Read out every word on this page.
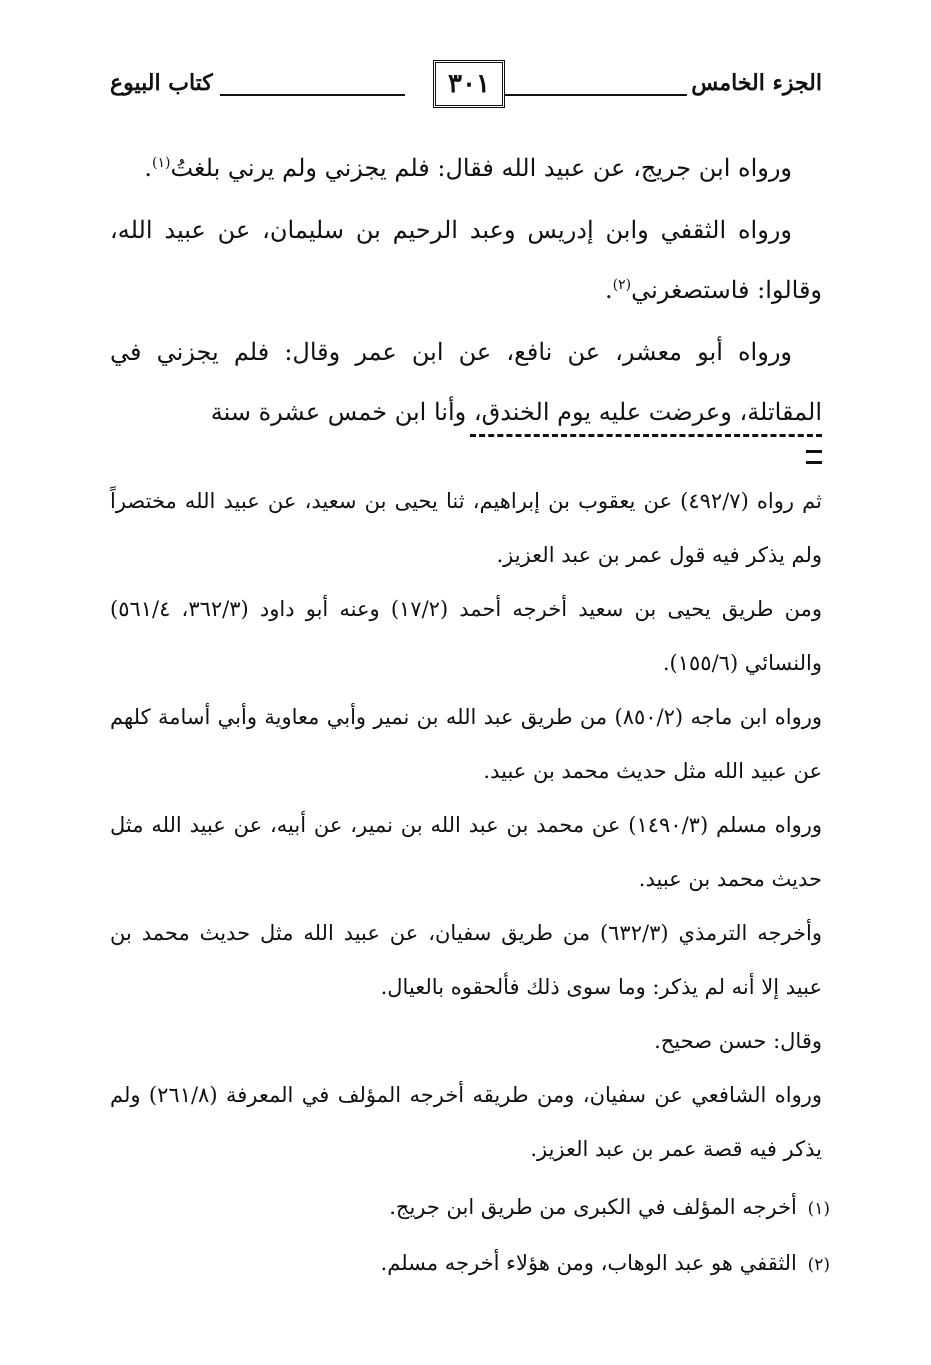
الجزء الخامس
٣٠١
كتاب البيوع

ورواه ابن جريج، عن عبيد الله فقال: فلم يجزني ولم يرني بلغتُ$^{(١)}$.

ورواه الثقفي وابن إدريس وعبد الرحيم بن سليمان، عن عبيد الله، وقالوا: فاستصغرني$^{(٢)}$.

ورواه أبو معشر، عن نافع، عن ابن عمر وقال: فلم يجزني في المقاتلة، وعرضت عليه يوم الخندق، وأنا ابن خمس عشرة سنة

ثم رواه (٤٩٢/٧) عن يعقوب بن إبراهيم، ثنا يحيى بن سعيد، عن عبيد الله مختصراً ولم يذكر فيه قول عمر بن عبد العزيز.

ومن طريق يحيى بن سعيد أخرجه أحمد (١٧/٢) وعنه أبو داود (٣٦٢/٣، ٥٦١/٤) والنسائي (١٥٥/٦).

ورواه ابن ماجه (٨٥٠/٢) من طريق عبد الله بن نمير وأبي معاوية وأبي أسامة كلهم عن عبيد الله مثل حديث محمد بن عبيد.

ورواه مسلم (١٤٩٠/٣) عن محمد بن عبد الله بن نمير، عن أبيه، عن عبيد الله مثل حديث محمد بن عبيد.

وأخرجه الترمذي (٦٣٢/٣) من طريق سفيان، عن عبيد الله مثل حديث محمد بن عبيد إلا أنه لم يذكر: وما سوى ذلك فألحقوه بالعيال.

وقال: حسن صحيح.

ورواه الشافعي عن سفيان، ومن طريقه أخرجه المؤلف في المعرفة (٢٦١/٨) ولم يذكر فيه قصة عمر بن عبد العزيز.

(١) أخرجه المؤلف في الكبرى من طريق ابن جريج.

(٢) الثقفي هو عبد الوهاب، ومن هؤلاء أخرجه مسلم.
